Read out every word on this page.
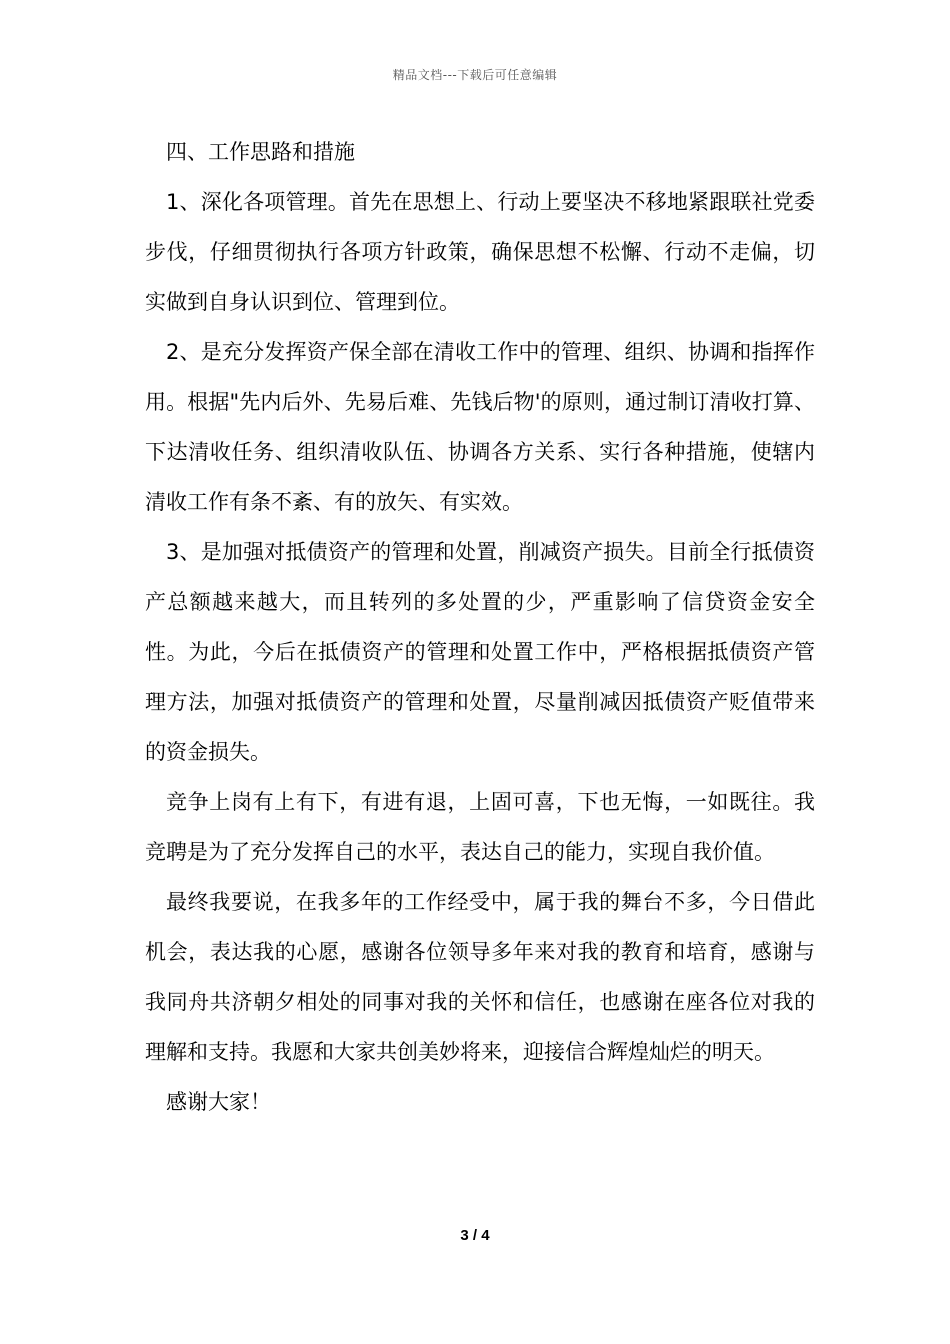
精品文档---下载后可任意编辑

四、工作思路和措施

1、深化各项管理。首先在思想上、行动上要坚决不移地紧跟联社党委步伐，仔细贯彻执行各项方针政策，确保思想不松懈、行动不走偏，切实做到自身认识到位、管理到位。

2、是充分发挥资产保全部在清收工作中的管理、组织、协调和指挥作用。根据"先内后外、先易后难、先钱后物'的原则，通过制订清收打算、下达清收任务、组织清收队伍、协调各方关系、实行各种措施，使辖内清收工作有条不紊、有的放矢、有实效。

3、是加强对抵债资产的管理和处置，削减资产损失。目前全行抵债资产总额越来越大，而且转列的多处置的少，严重影响了信贷资金安全性。为此，今后在抵债资产的管理和处置工作中，严格根据抵债资产管理方法，加强对抵债资产的管理和处置，尽量削减因抵债资产贬值带来的资金损失。

竞争上岗有上有下，有进有退，上固可喜，下也无悔，一如既往。我竞聘是为了充分发挥自己的水平，表达自己的能力，实现自我价值。

最终我要说，在我多年的工作经受中，属于我的舞台不多，今日借此机会，表达我的心愿，感谢各位领导多年来对我的教育和培育，感谢与我同舟共济朝夕相处的同事对我的关怀和信任，也感谢在座各位对我的理解和支持。我愿和大家共创美妙将来，迎接信合辉煌灿烂的明天。

感谢大家！

3 / 4
